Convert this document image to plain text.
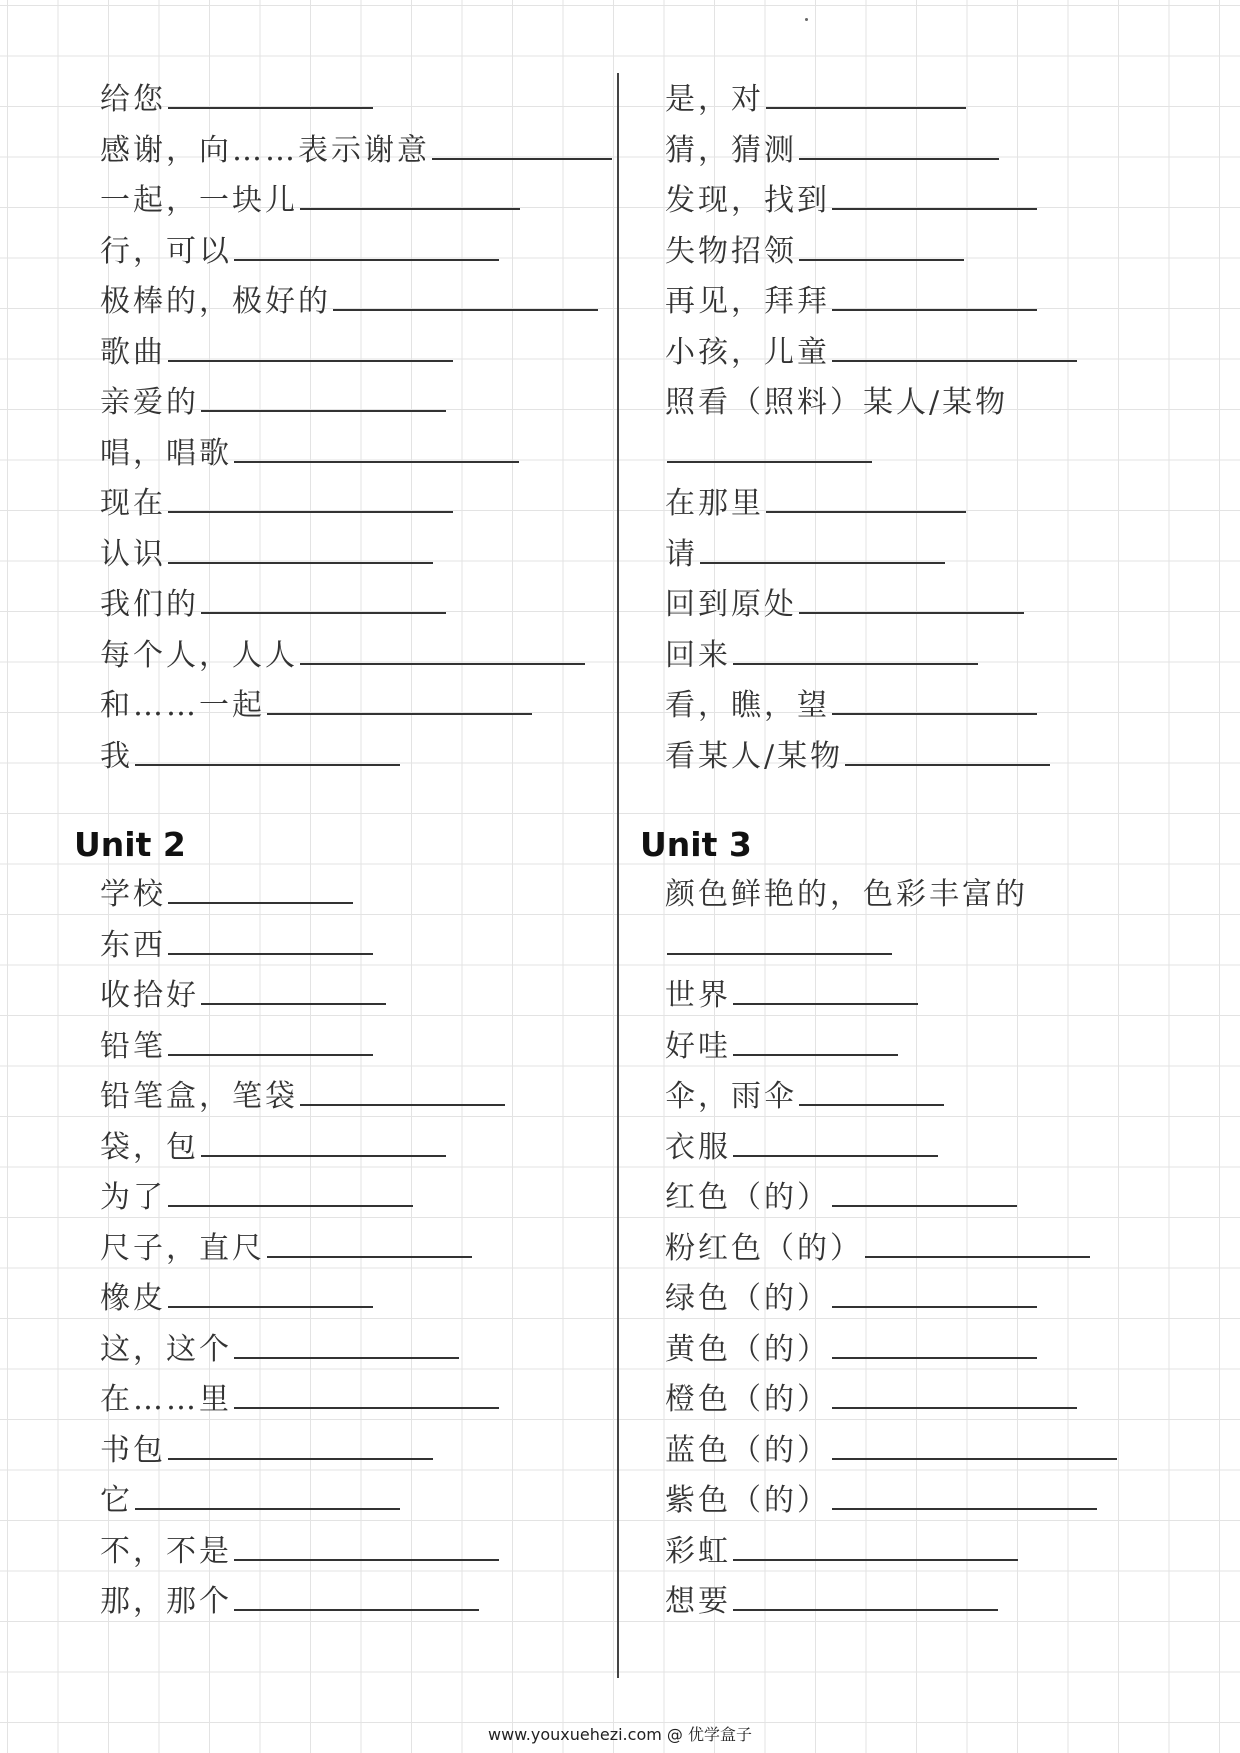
给您
感谢，向……表示谢意
一起，一块儿
行，可以
极棒的，极好的
歌曲
亲爱的
唱，唱歌
现在
认识
我们的
每个人，人人
和……一起
我
学校
东西
收拾好
铅笔
铅笔盒，笔袋
袋，包
为了
尺子，直尺
橡皮
这，这个
在……里
书包
它
不，不是
那，那个
是，对
猜，猜测
发现，找到
失物招领
再见，拜拜
小孩，儿童
照看（照料）某人/某物
在那里
请
回到原处
回来
看，瞧，望
看某人/某物
颜色鲜艳的，色彩丰富的
世界
好哇
伞，雨伞
衣服
红色（的）
粉红色（的）
绿色（的）
黄色（的）
橙色（的）
蓝色（的）
紫色（的）
彩虹
想要
Unit 2	Unit 3
www.youxuehezi.com @ 优学盒子
